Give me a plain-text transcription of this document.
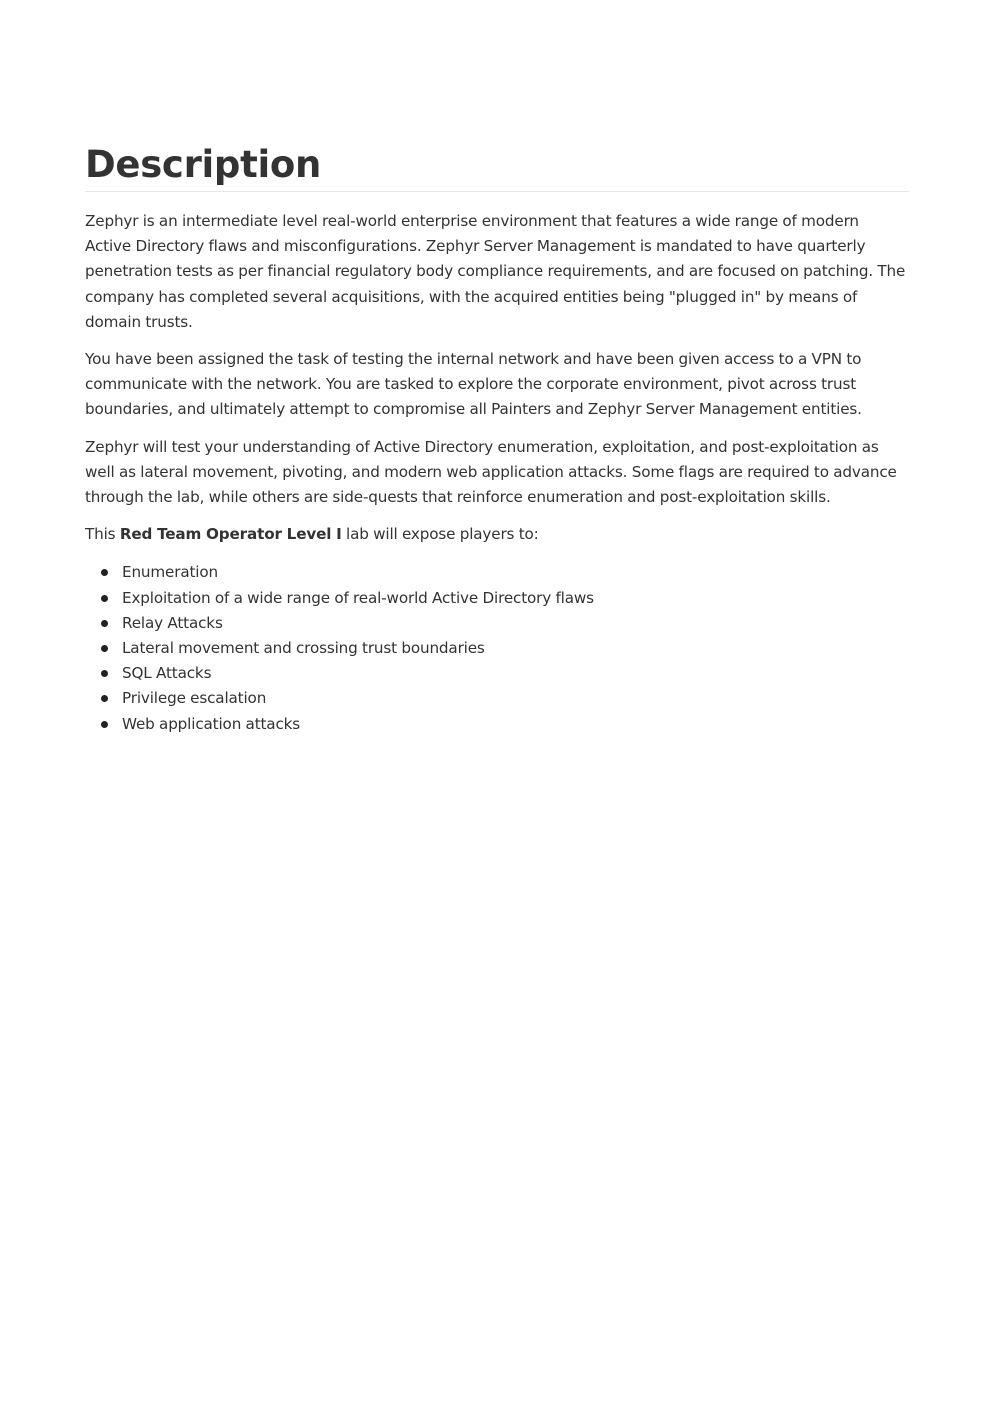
Description

Zephyr is an intermediate level real-world enterprise environment that features a wide range of modern Active Directory flaws and misconfigurations. Zephyr Server Management is mandated to have quarterly penetration tests as per financial regulatory body compliance requirements, and are focused on patching. The company has completed several acquisitions, with the acquired entities being "plugged in" by means of domain trusts.

You have been assigned the task of testing the internal network and have been given access to a VPN to communicate with the network. You are tasked to explore the corporate environment, pivot across trust boundaries, and ultimately attempt to compromise all Painters and Zephyr Server Management entities.

Zephyr will test your understanding of Active Directory enumeration, exploitation, and post-exploitation as well as lateral movement, pivoting, and modern web application attacks. Some flags are required to advance through the lab, while others are side-quests that reinforce enumeration and post-exploitation skills.

This Red Team Operator Level I lab will expose players to:

Enumeration
Exploitation of a wide range of real-world Active Directory flaws
Relay Attacks
Lateral movement and crossing trust boundaries
SQL Attacks
Privilege escalation
Web application attacks
